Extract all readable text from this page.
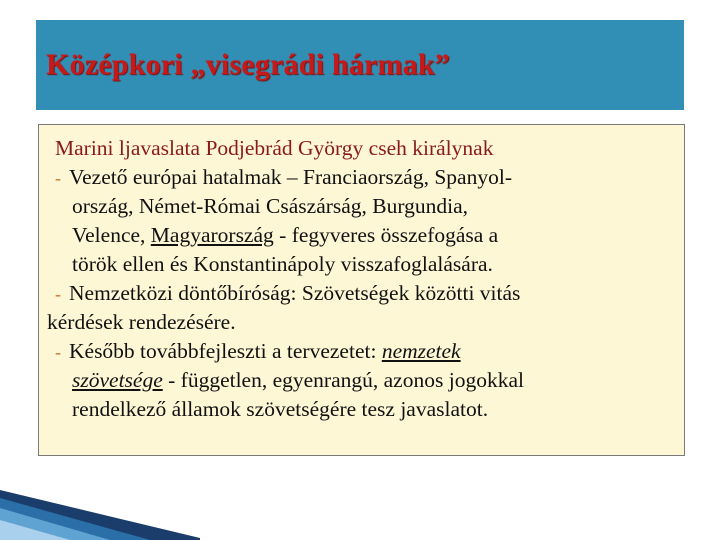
Középkori „visegrádi hármak”
Marini ljavaslata Podjebrád György cseh királynak
- Vezető európai hatalmak – Franciaország, Spanyol-
ország, Német-Római Császárság, Burgundia,
Velence, Magyarország - fegyveres összefogása a
török ellen és Konstantinápoly visszafoglalására.
- Nemzetközi döntőbíróság: Szövetségek közötti vitás
kérdések rendezésére.
- Később továbbfejleszti a tervezetet: nemzetek
szövetsége - független, egyenrangú, azonos jogokkal
rendelkező államok szövetségére tesz javaslatot.
